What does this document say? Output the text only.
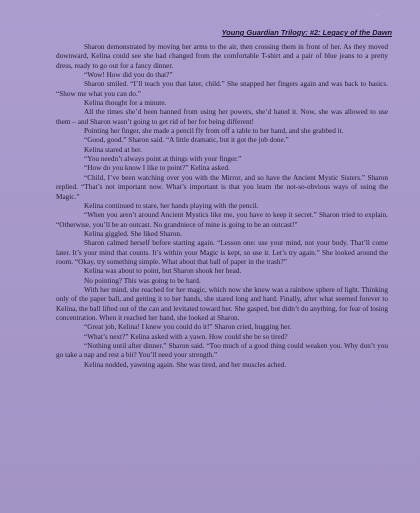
~
Young Guardian Trilogy: #2: Legacy of the Dawn

Sharon demonstrated by moving her arms to the air, then crossing them in front of her. As they moved downward, Kelina could see she had changed from the comfortable T-shirt and a pair of blue jeans to a pretty dress, ready to go out for a fancy dinner.

“Wow! How did you do that?”

Sharon smiled. “I’ll teach you that later, child.” She snapped her fingers again and was back to basics. “Show me what you can do.”

Kelina thought for a minute.

All the times she’d been banned from using her powers, she’d hated it. Now, she was allowed to use them – and Sharon wasn’t going to get rid of her for being different!

Pointing her finger, she made a pencil fly from off a table to her hand, and she grabbed it.

“Good, good.” Sharon said. “A little dramatic, but it got the job done.”

Kelina stared at her.

“You needn’t always point at things with your finger.”

“How do you know I like to point?” Kelina asked.

“Child, I’ve been watching over you with the Mirror, and so have the Ancient Mystic Sisters.” Sharon replied. “That’s not important now. What’s important is that you learn the not-so-obvious ways of using the Magic.”

Kelina continued to stare, her hands playing with the pencil.

“When you aren’t around Ancient Mystics like me, you have to keep it secret.” Sharon tried to explain. “Otherwise, you’ll be an outcast. No grandniece of mine is going to be an outcast!”

Kelina giggled. She liked Sharon.

Sharon calmed herself before starting again. “Lesson one: use your mind, not your body. That’ll come later. It’s your mind that counts. It’s within your Magic is kept, so use it. Let’s try again.” She looked around the room. “Okay, try something simple. What about that ball of paper in the trash?”

Kelina was about to point, but Sharon shook her head.

No pointing? This was going to be hard.

With her mind, she reached for her magic, which now she knew was a rainbow sphere of light. Thinking only of the paper ball, and getting it to her hands, she stared long and hard. Finally, after what seemed forever to Kelina, the ball lifted out of the can and levitated toward her. She gasped, but didn’t do anything, for fear of losing concentration. When it reached her hand, she looked at Sharon.

“Great job, Kelina! I knew you could do it!” Sharon cried, hugging her.

“What’s next?” Kelina asked with a yawn. How could she be so tired?

“Nothing until after dinner.” Sharon said. “Too much of a good thing could weaken you. Why don’t you go take a nap and rest a bit? You’ll need your strength.”

Kelina nodded, yawning again. She was tired, and her muscles ached.
